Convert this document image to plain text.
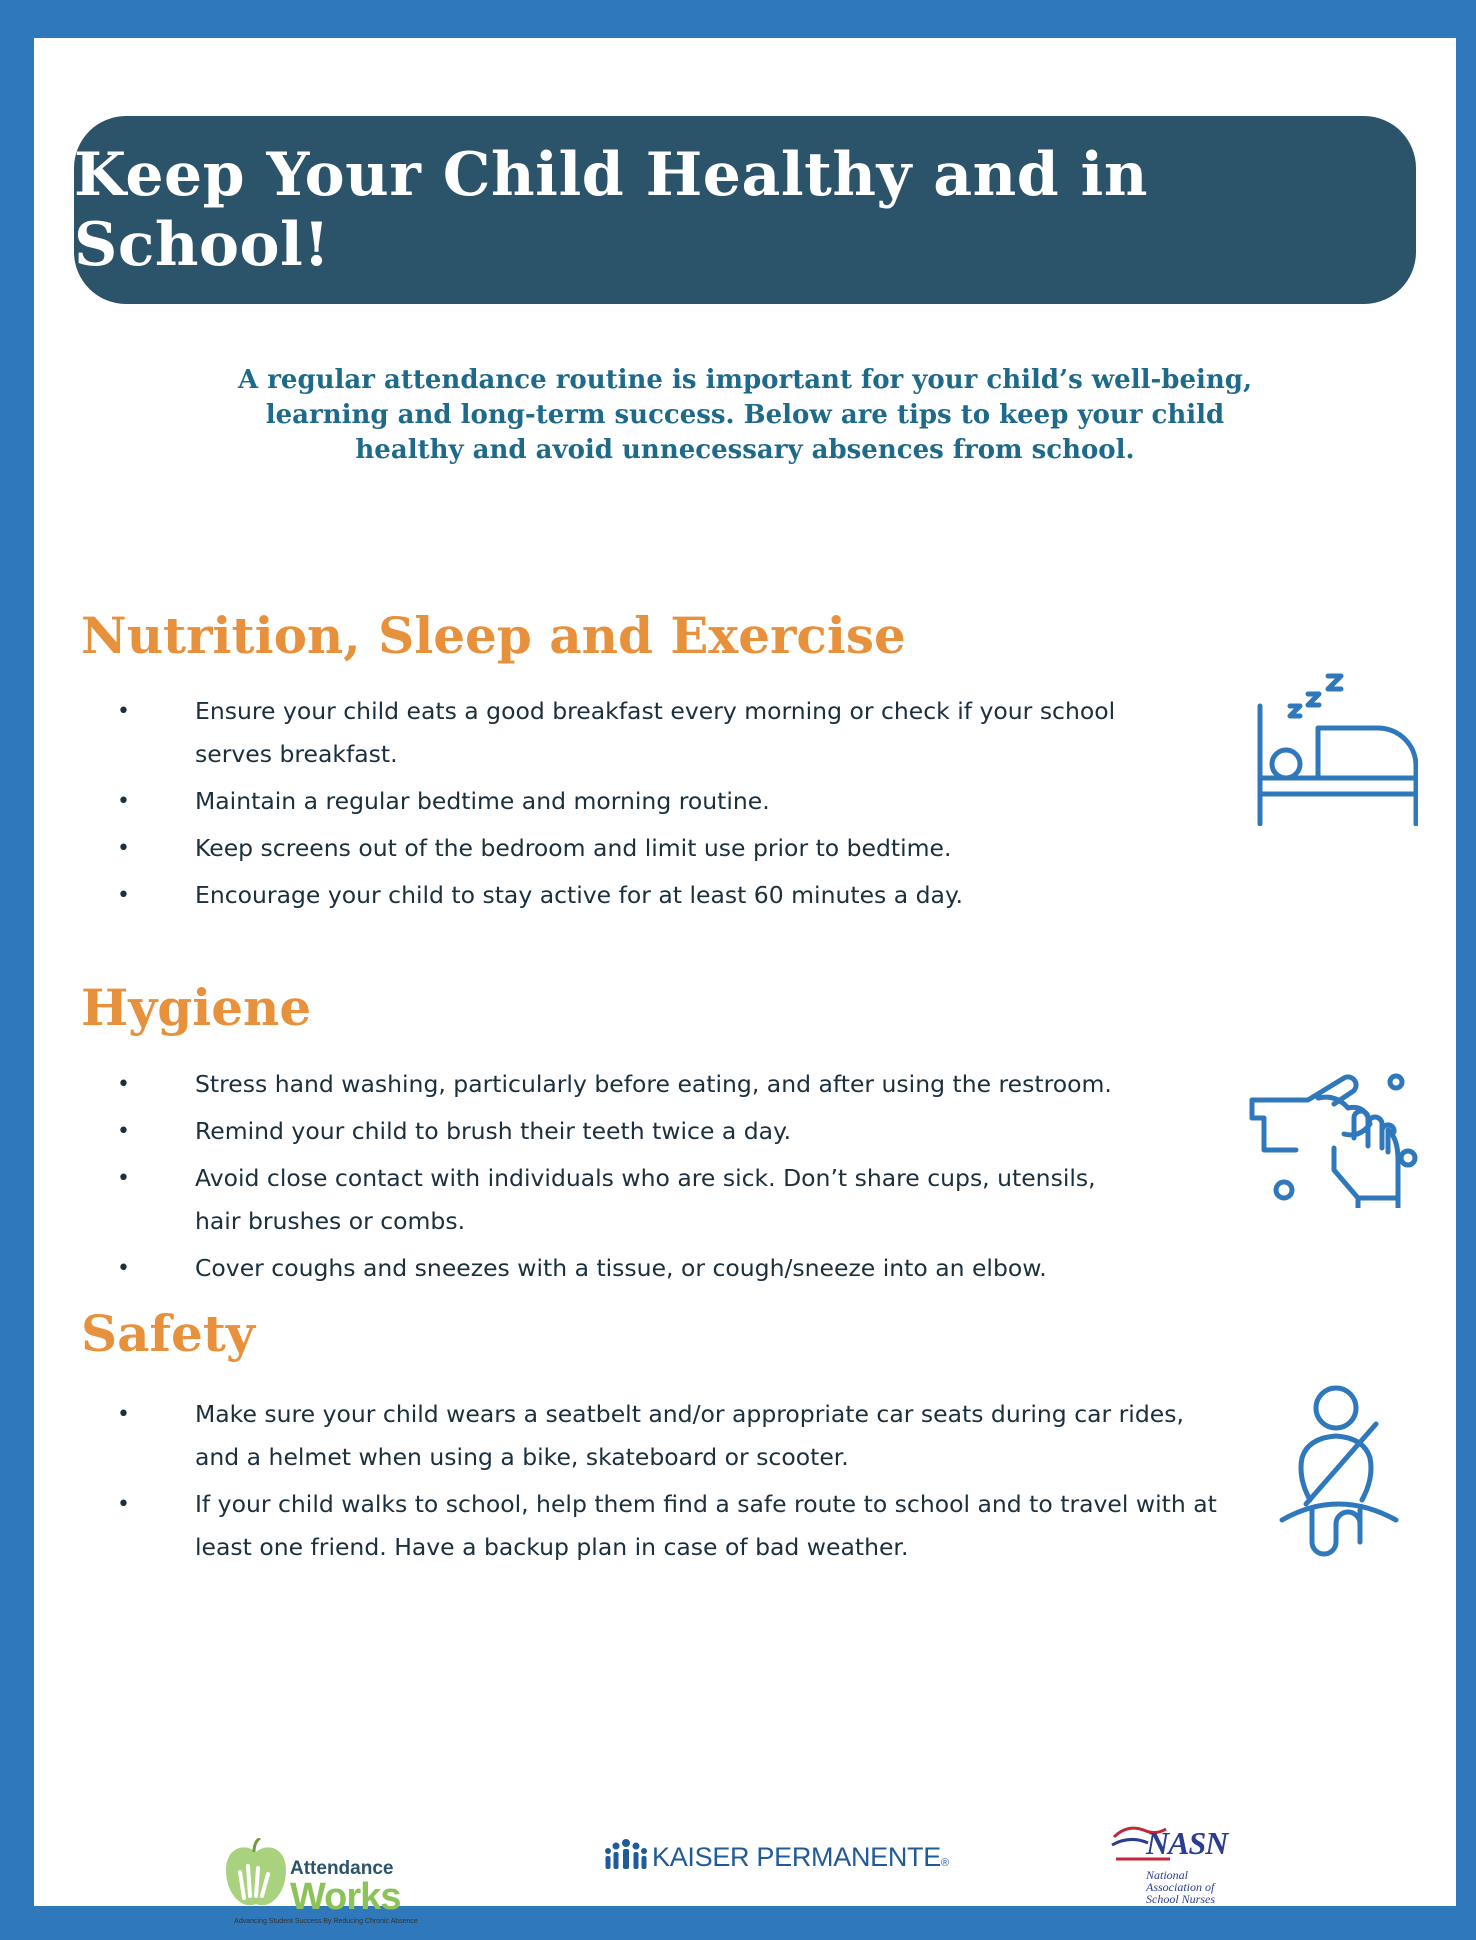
Keep Your Child Healthy and in School!
A regular attendance routine is important for your child’s well-being,
learning and long-term success. Below are tips to keep your child
healthy and avoid unnecessary absences from school.
Nutrition, Sleep and Exercise
• Ensure your child eats a good breakfast every morning or check if your school
serves breakfast.
• Maintain a regular bedtime and morning routine.
• Keep screens out of the bedroom and limit use prior to bedtime.
• Encourage your child to stay active for at least 60 minutes a day.
Hygiene
• Stress hand washing, particularly before eating, and after using the restroom.
• Remind your child to brush their teeth twice a day.
• Avoid close contact with individuals who are sick. Don’t share cups, utensils,
hair brushes or combs.
• Cover coughs and sneezes with a tissue, or cough/sneeze into an elbow.
Safety
• Make sure your child wears a seatbelt and/or appropriate car seats during car rides,
and a helmet when using a bike, skateboard or scooter.
• If your child walks to school, help them find a safe route to school and to travel with at
least one friend. Have a backup plan in case of bad weather.
Attendance
Works
Advancing Student Success By Reducing Chronic Absence
KAISER PERMANENTE®
NASN
National
Association of
School Nurses
